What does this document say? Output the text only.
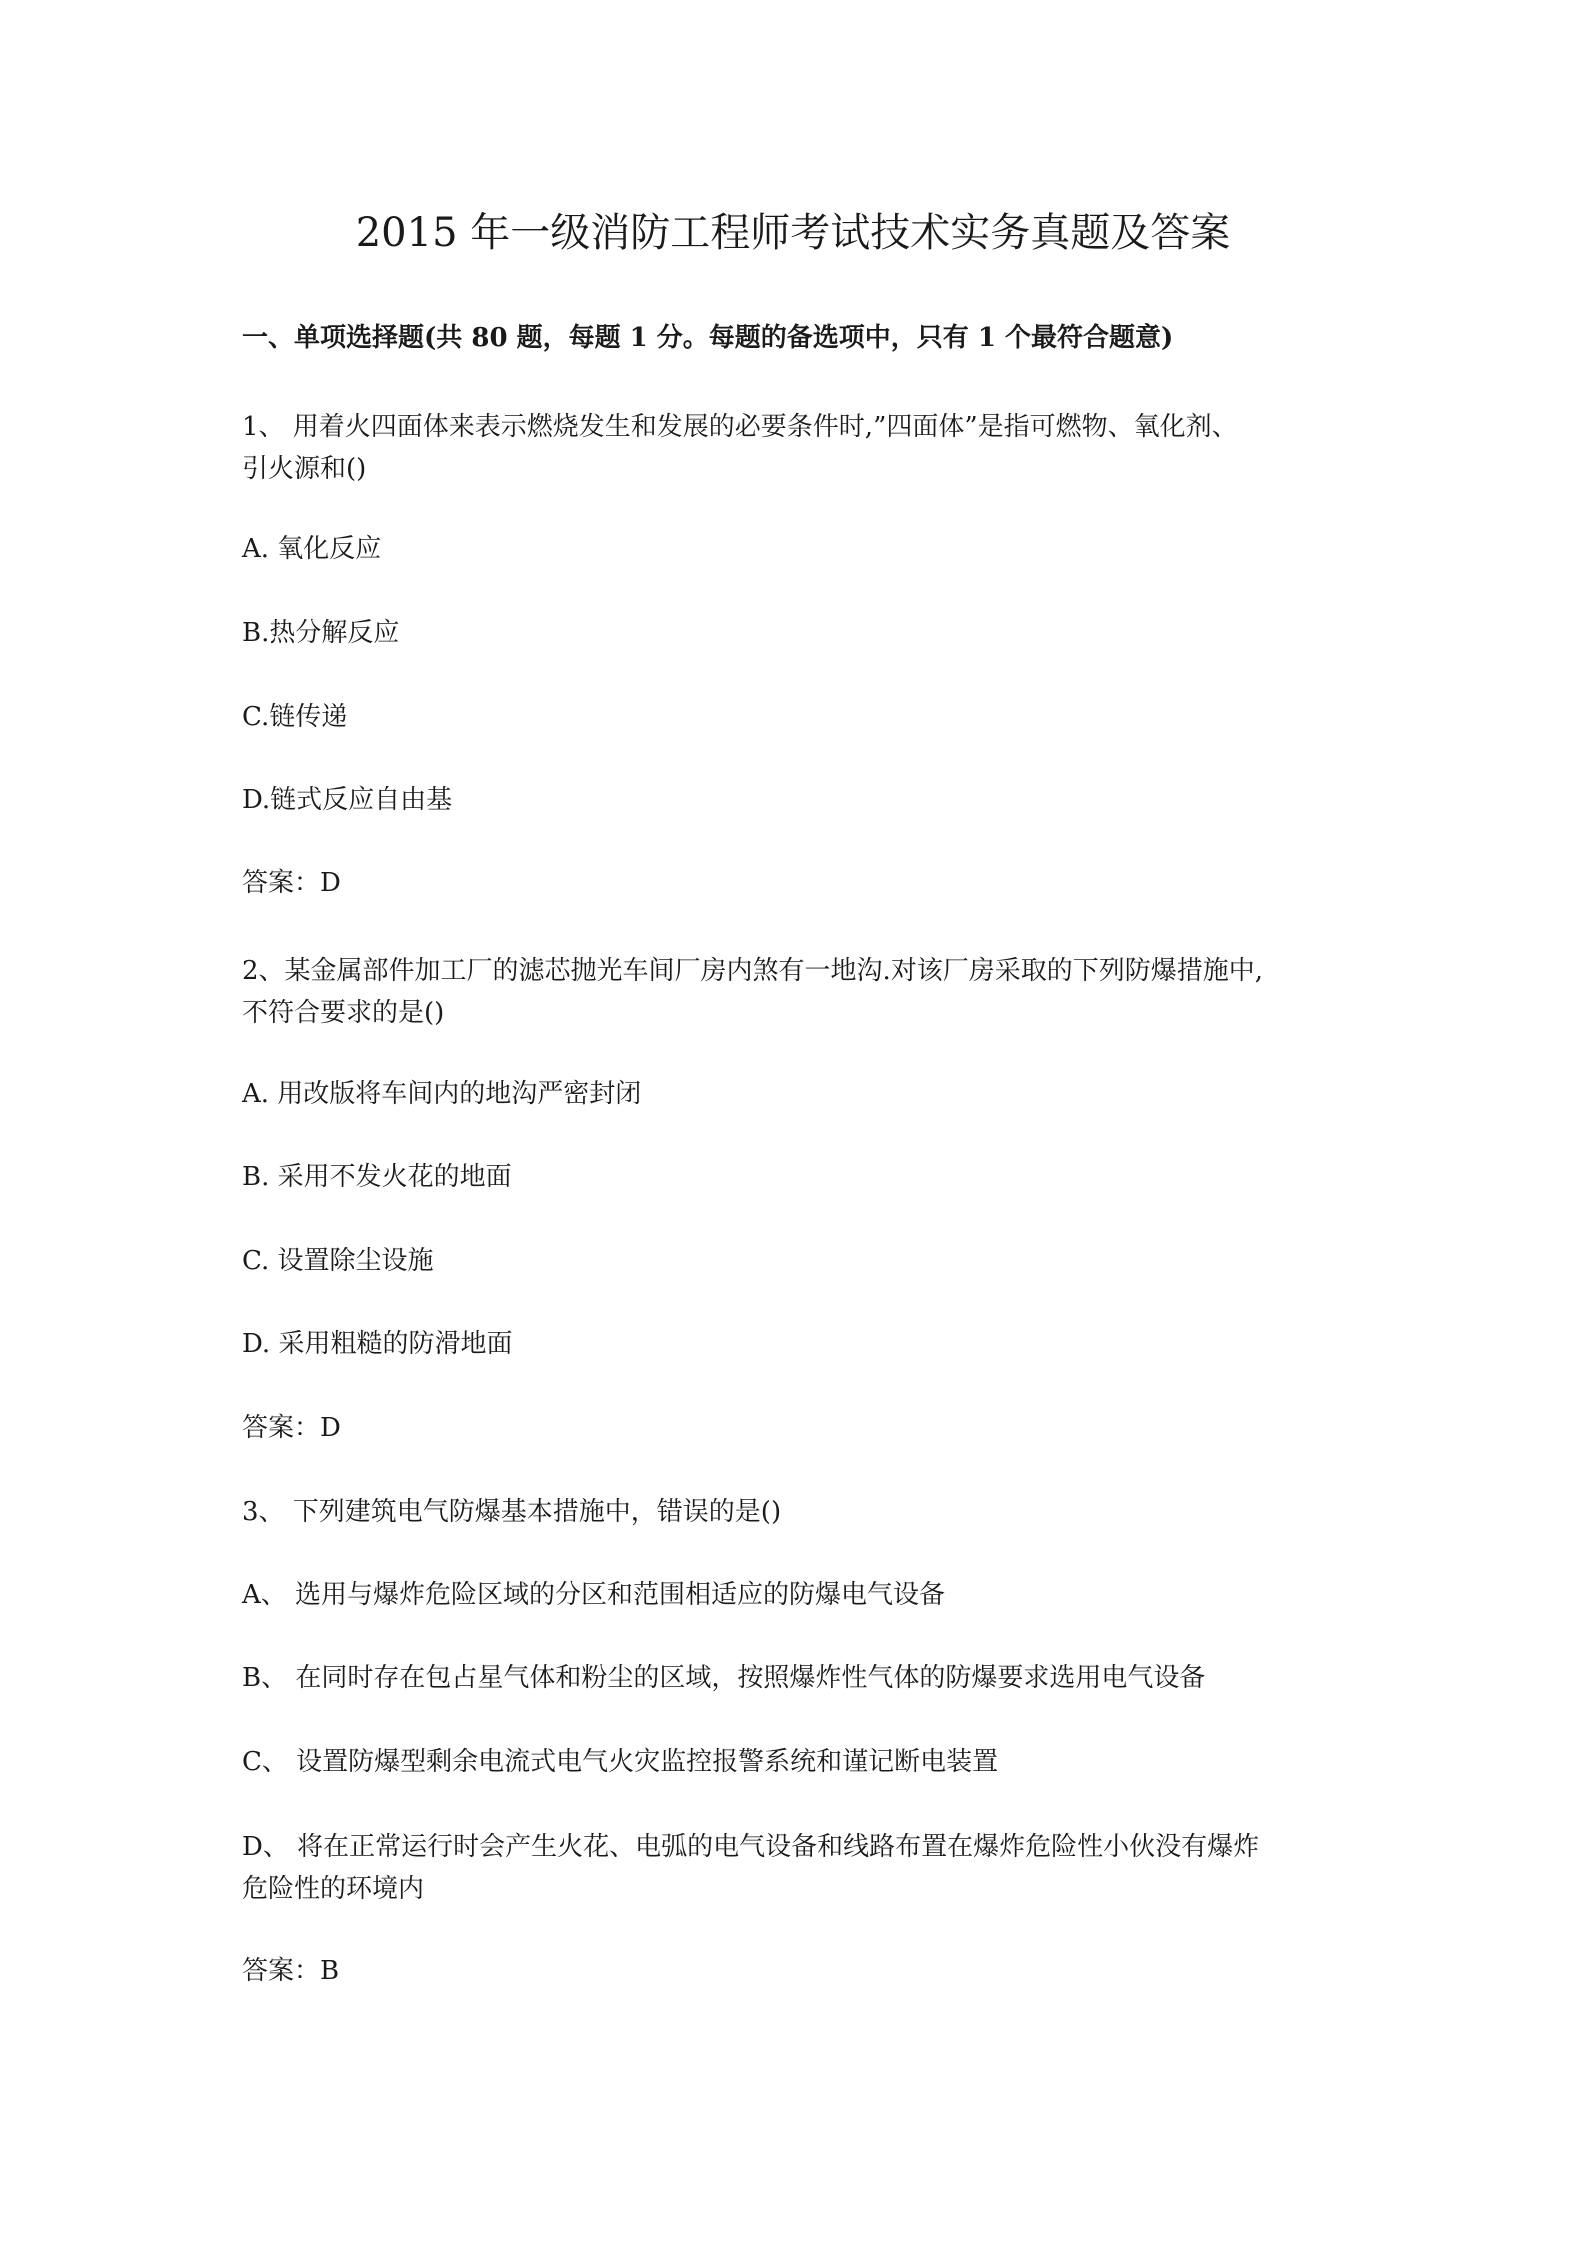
2015 年一级消防工程师考试技术实务真题及答案
一、单项选择题(共 80 题，每题 1 分。每题的备选项中，只有 1 个最符合题意)
1、 用着火四面体来表示燃烧发生和发展的必要条件时,”四面体”是指可燃物、氧化剂、
引火源和()
A. 氧化反应
B.热分解反应
C.链传递
D.链式反应自由基
答案：D
2、某金属部件加工厂的滤芯抛光车间厂房内煞有一地沟.对该厂房采取的下列防爆措施中,
不符合要求的是()
A. 用改版将车间内的地沟严密封闭
B. 采用不发火花的地面
C. 设置除尘设施
D. 采用粗糙的防滑地面
答案：D
3、 下列建筑电气防爆基本措施中，错误的是()
A、 选用与爆炸危险区域的分区和范围相适应的防爆电气设备
B、 在同时存在包占星气体和粉尘的区域，按照爆炸性气体的防爆要求选用电气设备
C、 设置防爆型剩余电流式电气火灾监控报警系统和谨记断电装置
D、 将在正常运行时会产生火花、电弧的电气设备和线路布置在爆炸危险性小伙没有爆炸
危险性的环境内
答案：B
